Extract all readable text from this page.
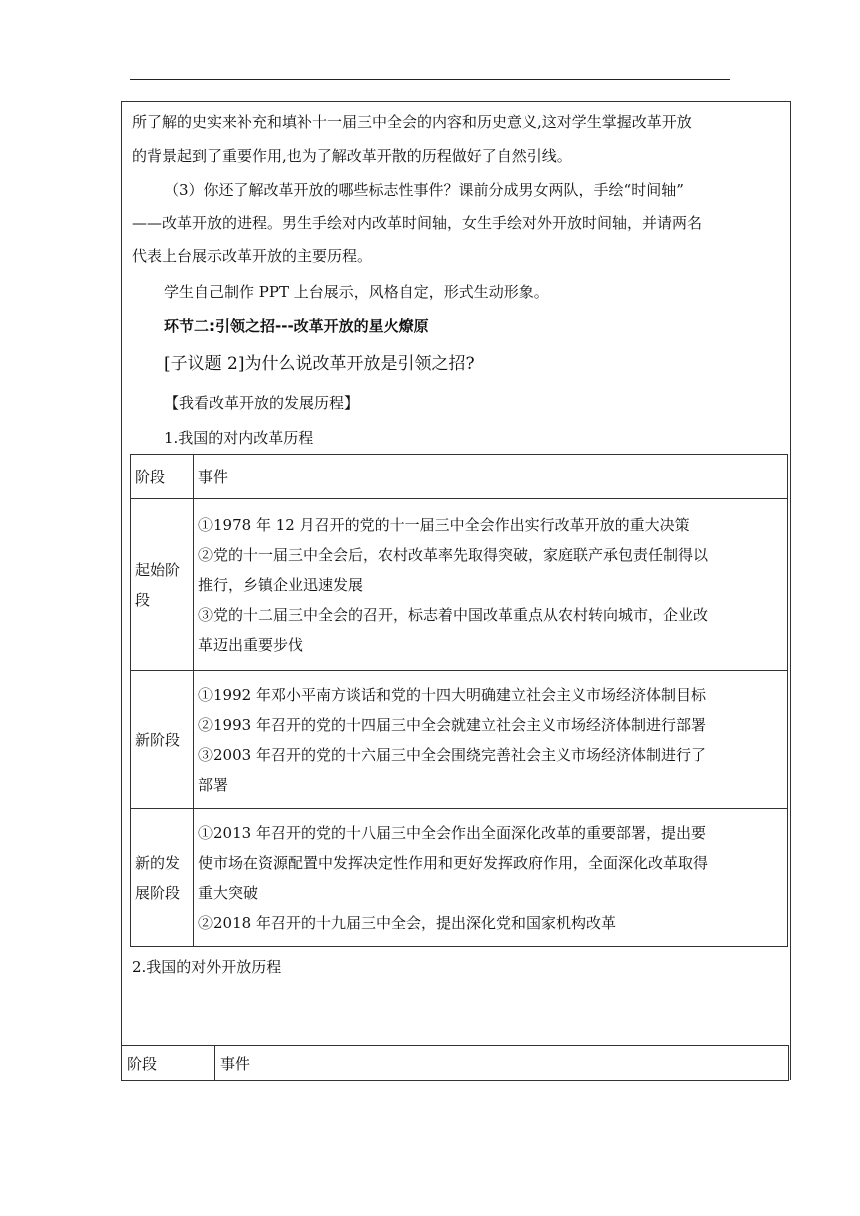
所了解的史实来补充和填补十一届三中全会的内容和历史意义,这对学生掌握改革开放
的背景起到了重要作用,也为了解改革开散的历程做好了自然引线。
（3）你还了解改革开放的哪些标志性事件？课前分成男女两队，手绘“时间轴”
——改革开放的进程。男生手绘对内改革时间轴，女生手绘对外开放时间轴，并请两名
代表上台展示改革开放的主要历程。
学生自己制作 PPT 上台展示，风格自定，形式生动形象。
环节二:引领之招---改革开放的星火燎原
[子议题 2]为什么说改革开放是引领之招?
【我看改革开放的发展历程】
1.我国的对内改革历程
阶段	事件
起始阶段	①1978 年 12 月召开的党的十一届三中全会作出实行改革开放的重大决策
②党的十一届三中全会后，农村改革率先取得突破，家庭联产承包责任制得以
推行，乡镇企业迅速发展
③党的十二届三中全会的召开，标志着中国改革重点从农村转向城市，企业改
革迈出重要步伐

新阶段	①1992 年邓小平南方谈话和党的十四大明确建立社会主义市场经济体制目标
②1993 年召开的党的十四届三中全会就建立社会主义市场经济体制进行部署
③2003 年召开的党的十六届三中全会围绕完善社会主义市场经济体制进行了
部署

新的发展阶段	①2013 年召开的党的十八届三中全会作出全面深化改革的重要部署，提出要
使市场在资源配置中发挥决定性作用和更好发挥政府作用，全面深化改革取得
重大突破
②2018 年召开的十九届三中全会，提出深化党和国家机构改革
2.我国的对外开放历程
阶段	事件
